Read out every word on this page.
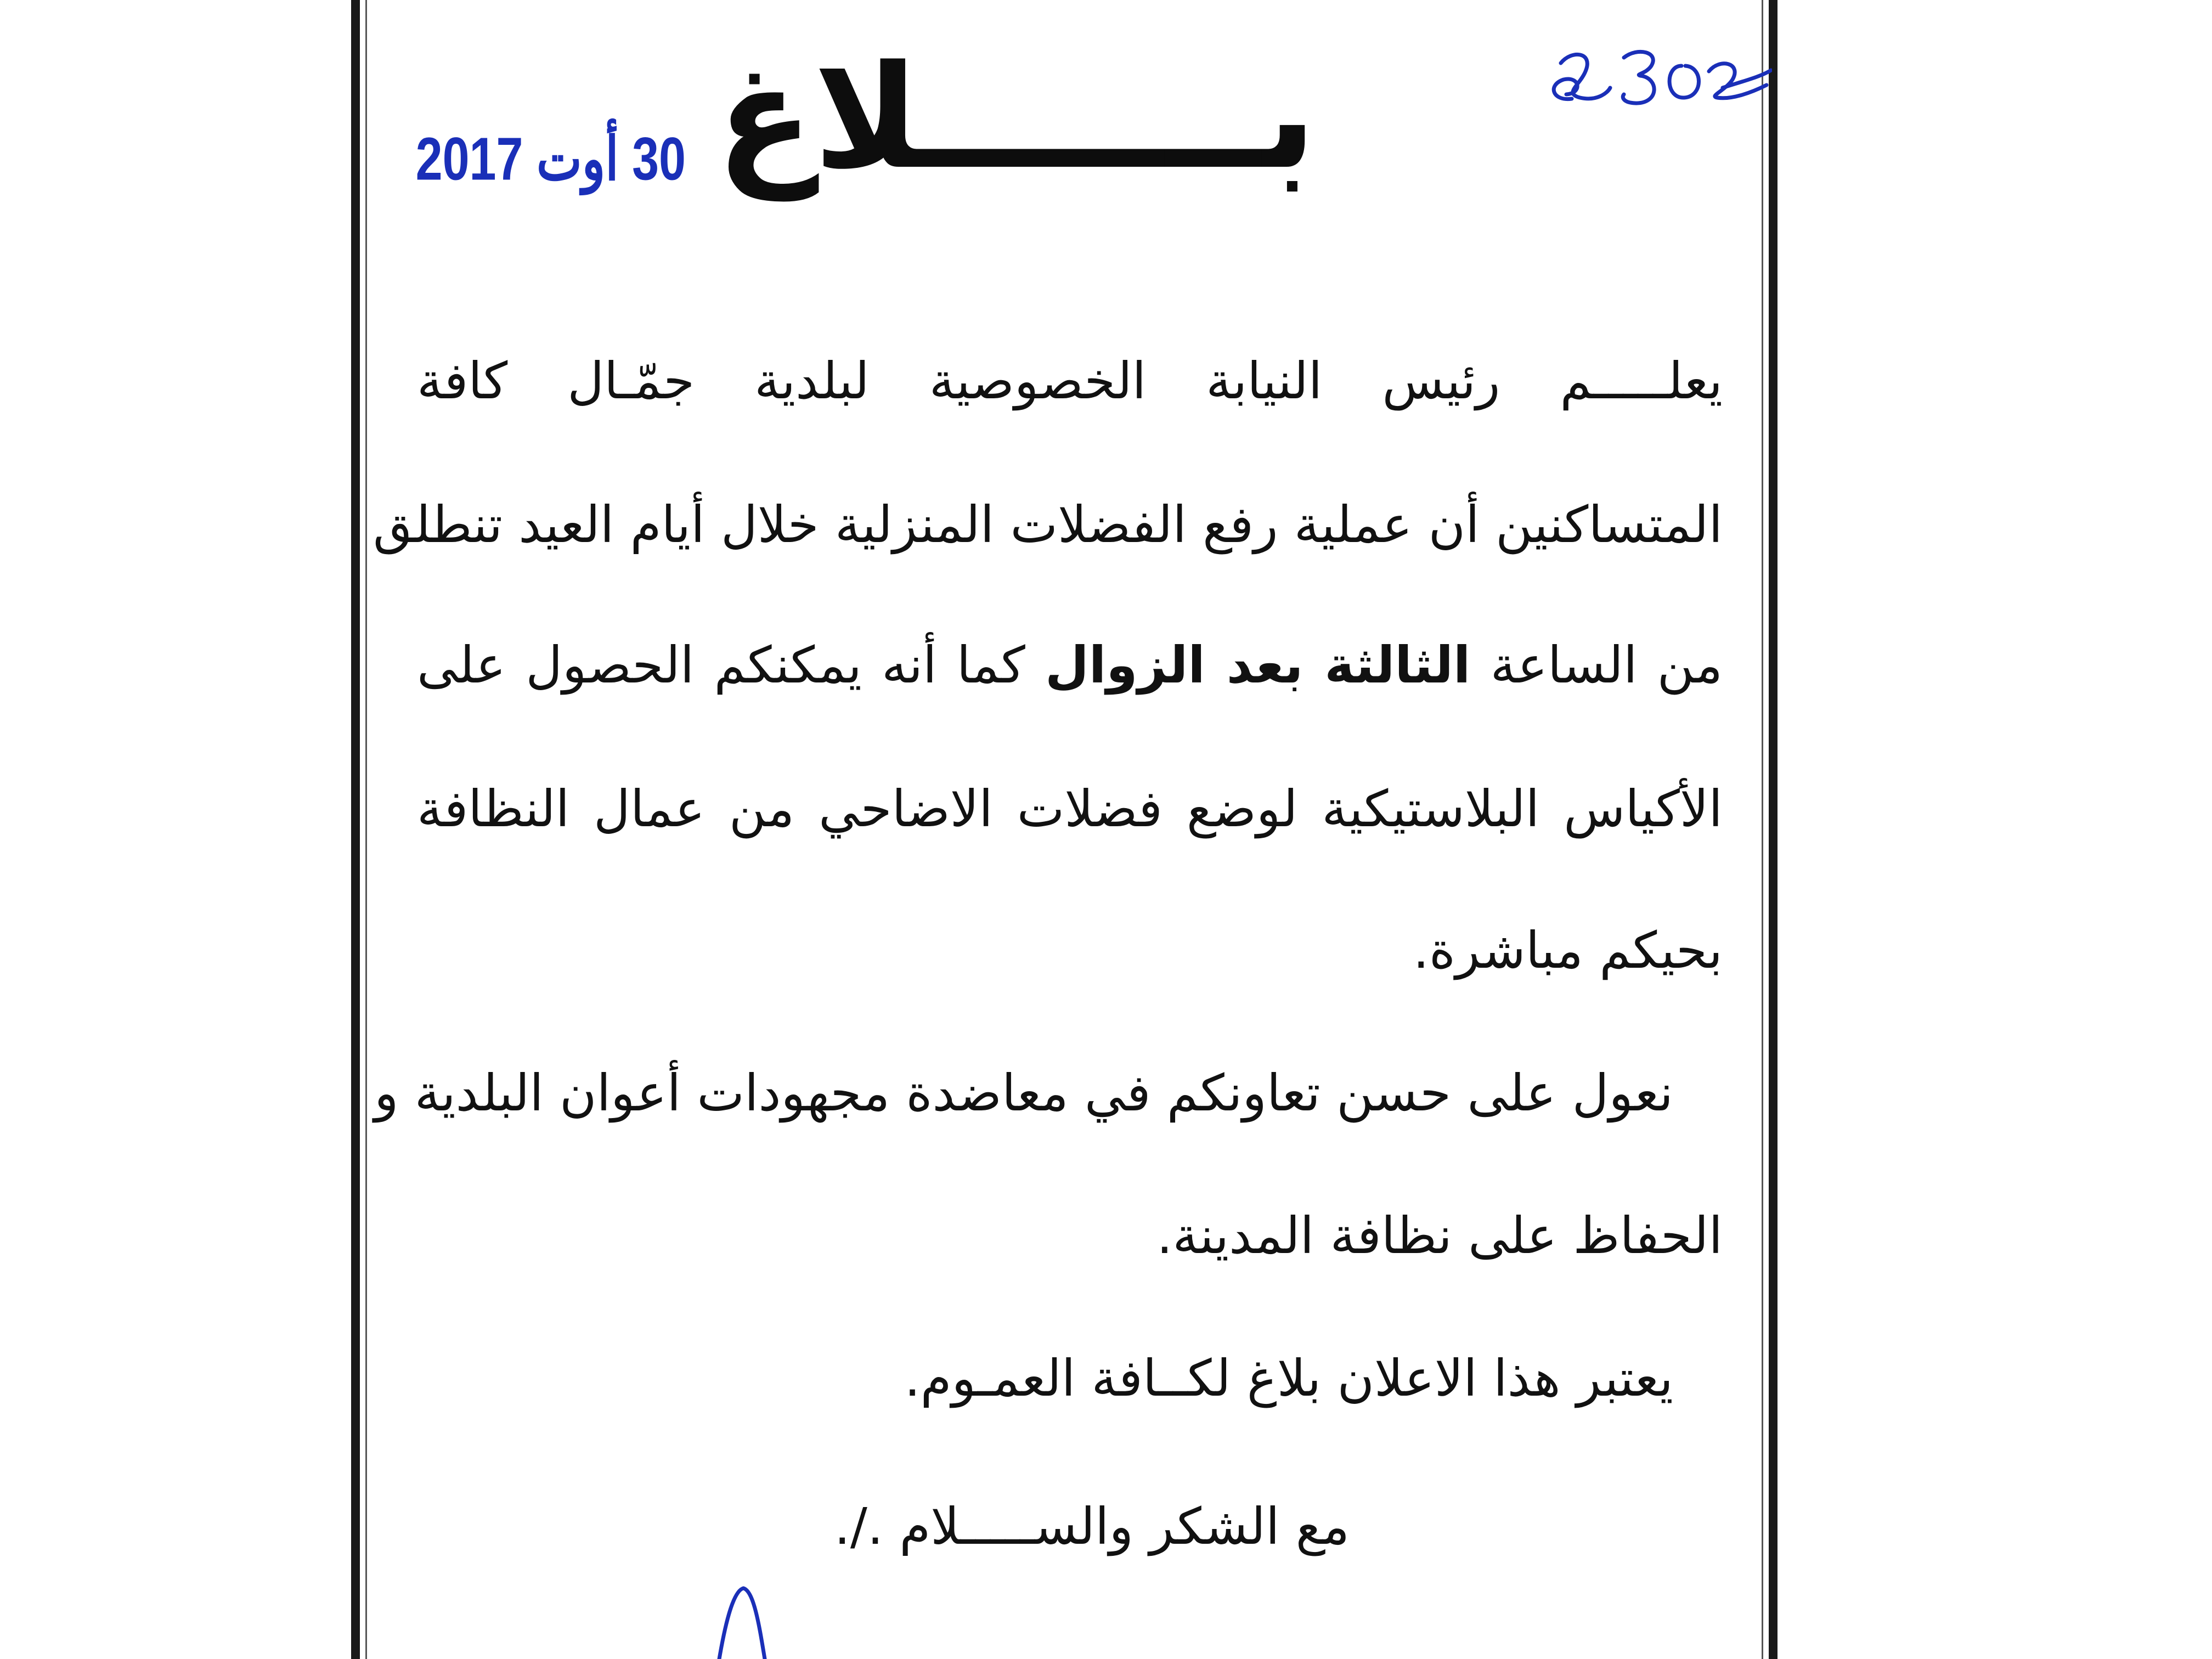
بـــــــلاغ
30 أوت 2017
يعلـــــم رئيس النيابة الخصوصية لبلدية جمّـال كافة
المتساكنين أن عملية رفع الفضلات المنزلية خلال أيام العيد تنطلق
من الساعة الثالثة بعد الزوال كما أنه يمكنكم الحصول على
الأكياس البلاستيكية لوضع فضلات الاضاحي من عمال النظافة
بحيكم مباشرة.
نعول على حسن تعاونكم في معاضدة مجهودات أعوان البلدية و
الحفاظ على نظافة المدينة.
يعتبر هذا الاعلان بلاغ لكــافة العمـوم.
مع الشكر والســـــلام ./.
